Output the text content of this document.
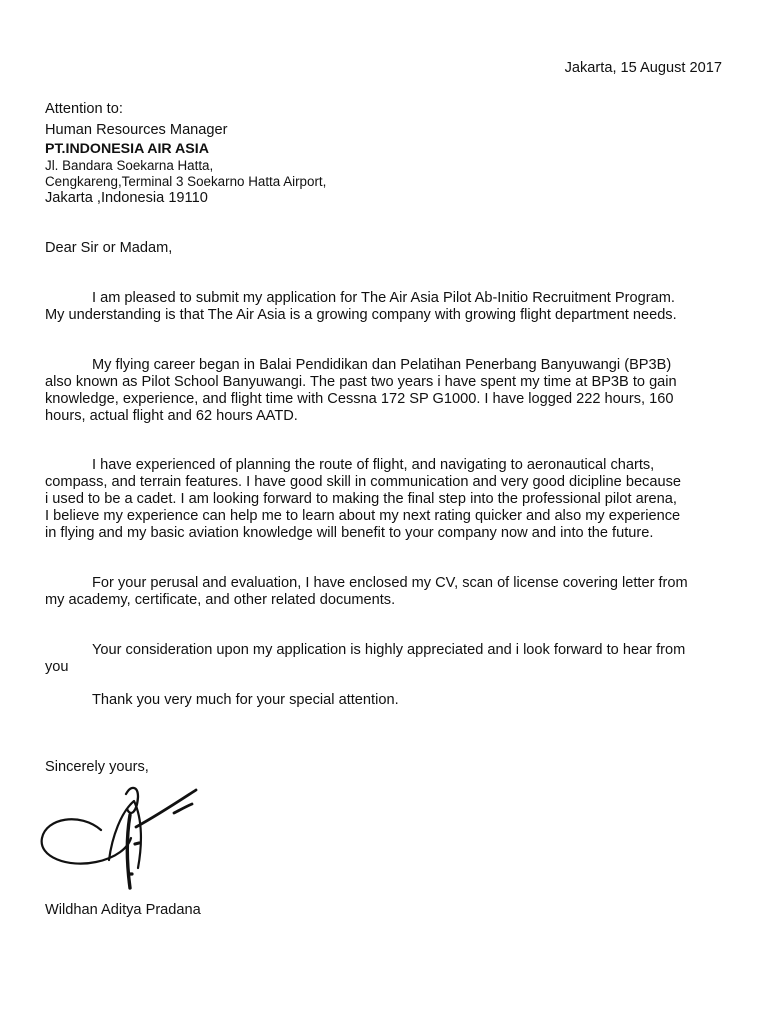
Jakarta, 15 August 2017
Attention to:
Human Resources Manager
PT.INDONESIA AIR ASIA
Jl. Bandara Soekarna Hatta,
Cengkareng,Terminal 3 Soekarno Hatta Airport,
Jakarta ,Indonesia 19110
Dear Sir or Madam,
I am pleased to submit my application for The Air Asia Pilot Ab-Initio Recruitment Program.
My understanding is that The Air Asia is a growing company with growing flight department needs.
My flying career began in Balai Pendidikan dan Pelatihan Penerbang Banyuwangi (BP3B)
also known as Pilot School Banyuwangi. The past two years i have spent my time at BP3B to gain
knowledge, experience, and flight time with Cessna 172 SP G1000. I have logged 222 hours, 160
hours, actual flight and 62 hours AATD.
I have experienced of planning the route of flight, and navigating to aeronautical charts,
compass, and terrain features. I have good skill in communication and very good dicipline because
i used to be a cadet. I am looking forward to making the final step into the professional pilot arena,
I believe my experience can help me to learn about my next rating quicker and also my experience
in flying and my basic aviation knowledge will benefit to your company now and into the future.
For your perusal and evaluation, I have enclosed my CV, scan of license covering letter from
my academy, certificate, and other related documents.
Your consideration upon my application is highly appreciated and i look forward to hear from
you
Thank you very much for your special attention.
Sincerely yours,
Wildhan Aditya Pradana
